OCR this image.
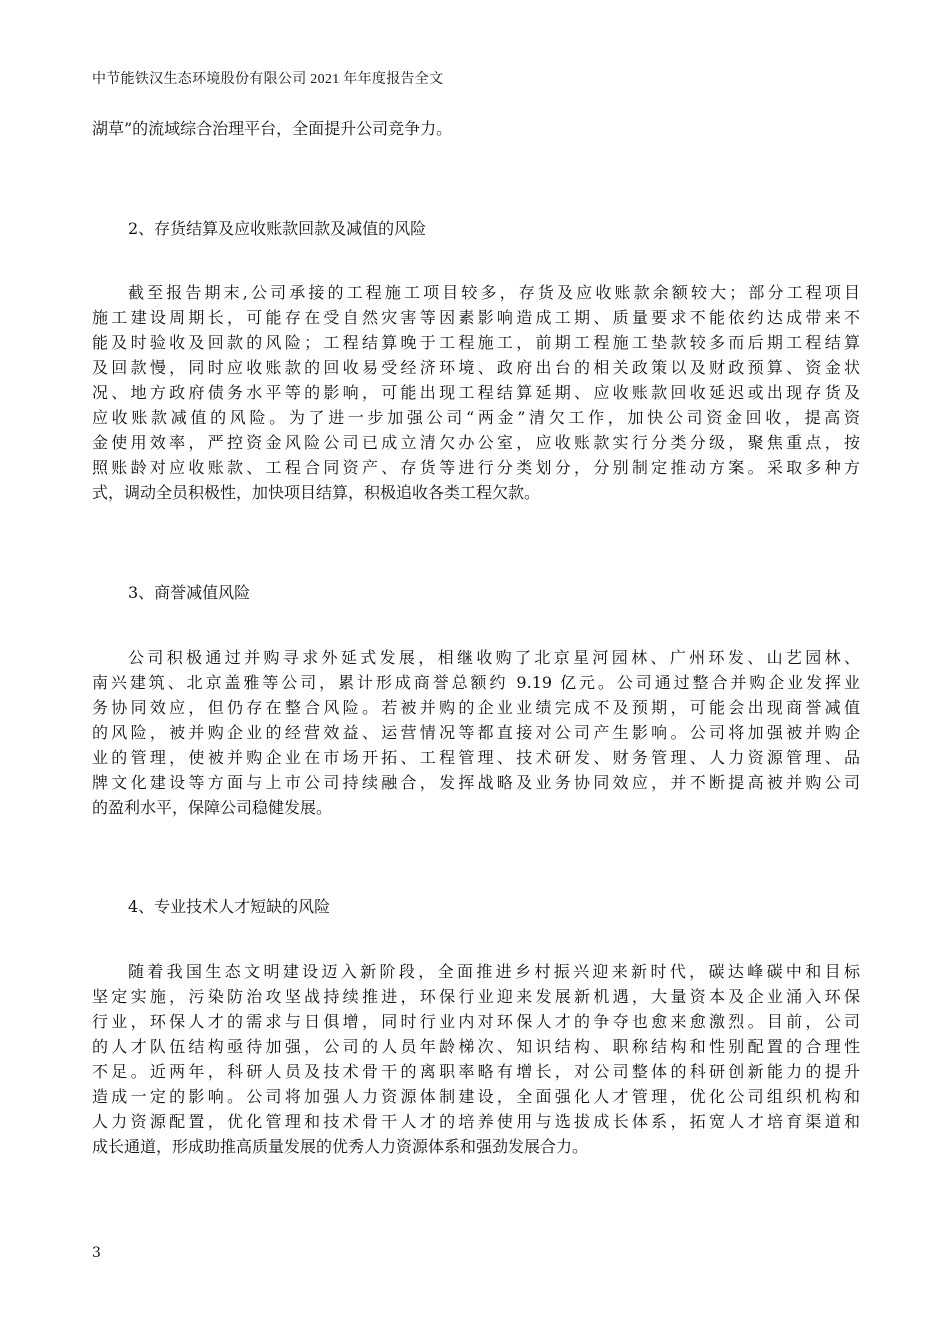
中节能铁汉生态环境股份有限公司 2021 年年度报告全文
湖草”的流域综合治理平台，全面提升公司竞争力。
2、存货结算及应收账款回款及减值的风险
截至报告期末,公司承接的工程施工项目较多，存货及应收账款余额较大；部分工程项目
施工建设周期长，可能存在受自然灾害等因素影响造成工期、质量要求不能依约达成带来不
能及时验收及回款的风险；工程结算晚于工程施工，前期工程施工垫款较多而后期工程结算
及回款慢，同时应收账款的回收易受经济环境、政府出台的相关政策以及财政预算、资金状
况、地方政府债务水平等的影响，可能出现工程结算延期、应收账款回收延迟或出现存货及
应收账款减值的风险。为了进一步加强公司“两金”清欠工作，加快公司资金回收，提高资
金使用效率，严控资金风险公司已成立清欠办公室，应收账款实行分类分级，聚焦重点，按
照账龄对应收账款、工程合同资产、存货等进行分类划分，分别制定推动方案。采取多种方
式，调动全员积极性，加快项目结算，积极追收各类工程欠款。
3、商誉减值风险
公司积极通过并购寻求外延式发展，相继收购了北京星河园林、广州环发、山艺园林、
南兴建筑、北京盖雅等公司，累计形成商誉总额约 9.19 亿元。公司通过整合并购企业发挥业
务协同效应，但仍存在整合风险。若被并购的企业业绩完成不及预期，可能会出现商誉减值
的风险，被并购企业的经营效益、运营情况等都直接对公司产生影响。公司将加强被并购企
业的管理，使被并购企业在市场开拓、工程管理、技术研发、财务管理、人力资源管理、品
牌文化建设等方面与上市公司持续融合，发挥战略及业务协同效应，并不断提高被并购公司
的盈利水平，保障公司稳健发展。
4、专业技术人才短缺的风险
随着我国生态文明建设迈入新阶段，全面推进乡村振兴迎来新时代，碳达峰碳中和目标
坚定实施，污染防治攻坚战持续推进，环保行业迎来发展新机遇，大量资本及企业涌入环保
行业，环保人才的需求与日俱增，同时行业内对环保人才的争夺也愈来愈激烈。目前，公司
的人才队伍结构亟待加强，公司的人员年龄梯次、知识结构、职称结构和性别配置的合理性
不足。近两年，科研人员及技术骨干的离职率略有增长，对公司整体的科研创新能力的提升
造成一定的影响。公司将加强人力资源体制建设，全面强化人才管理，优化公司组织机构和
人力资源配置，优化管理和技术骨干人才的培养使用与选拔成长体系，拓宽人才培育渠道和
成长通道，形成助推高质量发展的优秀人力资源体系和强劲发展合力。
3
